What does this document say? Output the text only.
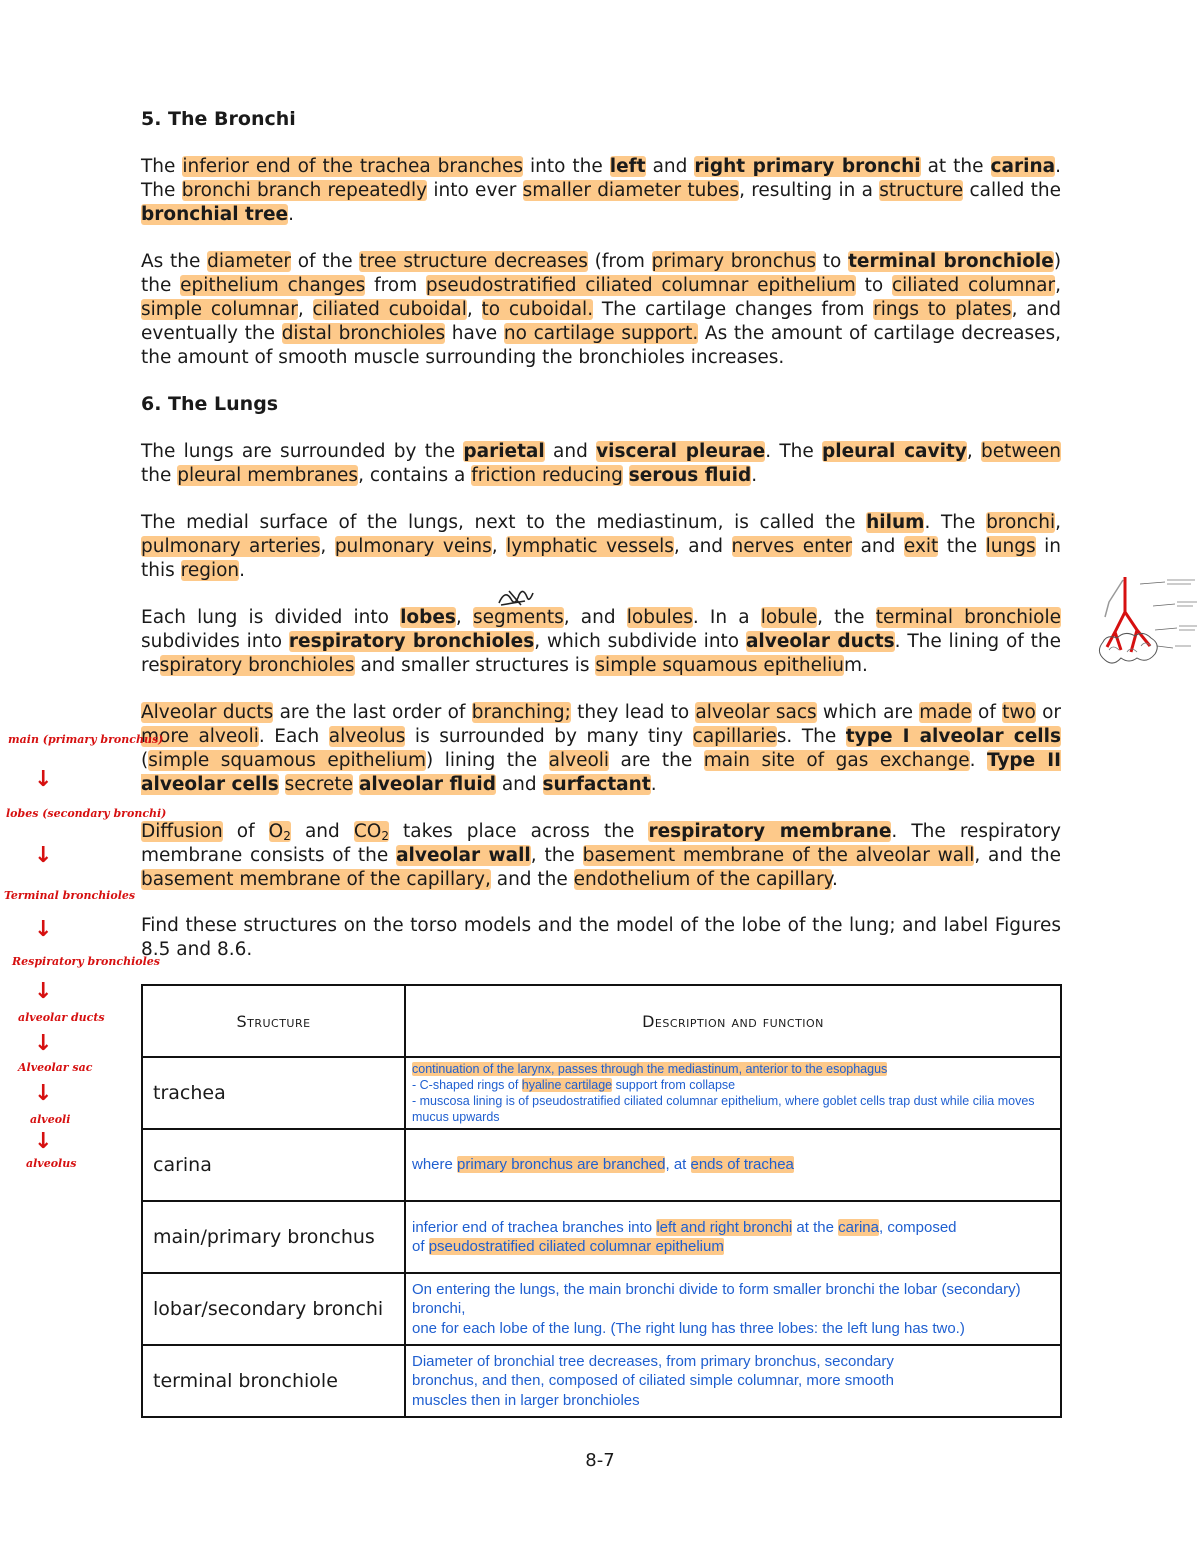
5. The Bronchi

The inferior end of the trachea branches into the left and right primary bronchi at the carina. The bronchi branch repeatedly into ever smaller diameter tubes, resulting in a structure called the bronchial tree.

As the diameter of the tree structure decreases (from primary bronchus to terminal bronchiole) the epithelium changes from pseudostratified ciliated columnar epithelium to ciliated columnar, simple columnar, ciliated cuboidal, to cuboidal. The cartilage changes from rings to plates, and eventually the distal bronchioles have no cartilage support. As the amount of cartilage decreases, the amount of smooth muscle surrounding the bronchioles increases.

6. The Lungs

The lungs are surrounded by the parietal and visceral pleurae. The pleural cavity, between the pleural membranes, contains a friction reducing serous fluid.

The medial surface of the lungs, next to the mediastinum, is called the hilum. The bronchi, pulmonary arteries, pulmonary veins, lymphatic vessels, and nerves enter and exit the lungs in this region.

Each lung is divided into lobes, segments, and lobules. In a lobule, the terminal bronchiole subdivides into respiratory bronchioles, which subdivide into alveolar ducts. The lining of the respiratory bronchioles and smaller structures is simple squamous epithelium.

Alveolar ducts are the last order of branching; they lead to alveolar sacs which are made of two or more alveoli. Each alveolus is surrounded by many tiny capillaries. The type I alveolar cells (simple squamous epithelium) lining the alveoli are the main site of gas exchange. Type II alveolar cells secrete alveolar fluid and surfactant.

Diffusion of $O_2$ and $CO_2$ takes place across the respiratory membrane. The respiratory membrane consists of the alveolar wall, the basement membrane of the alveolar wall, and the basement membrane of the capillary, and the endothelium of the capillary.

Find these structures on the torso models and the model of the lobe of the lung; and label Figures 8.5 and 8.6.

Structure	Description and function
trachea	continuation of the larynx, passes through the mediastinum, anterior to the esophagus
- C-shaped rings of hyaline cartilage support from collapse
- muscosa lining is of pseudostratified ciliated columnar epithelium, where goblet cells trap dust while cilia moves
mucus upwards

carina	where primary bronchus are branched, at ends of trachea

main/primary bronchus	inferior end of trachea branches into left and right bronchi at the carina, composed
of pseudostratified ciliated columnar epithelium

lobar/secondary bronchi	On entering the lungs, the main bronchi divide to form smaller bronchi the lobar (secondary) bronchi,
one for each lobe of the lung. (The right lung has three lobes: the left lung has two.)

terminal bronchiole	Diameter of bronchial tree decreases, from primary bronchus, secondary
bronchus, and then, composed of ciliated simple columnar, more smooth
muscles then in larger bronchioles
8-7
main (primary bronchus)
↓
lobes (secondary bronchi)
↓
Terminal bronchioles
↓
Respiratory bronchioles
↓
alveolar ducts
↓
Alveolar sac
↓
alveoli
↓
alveolus
